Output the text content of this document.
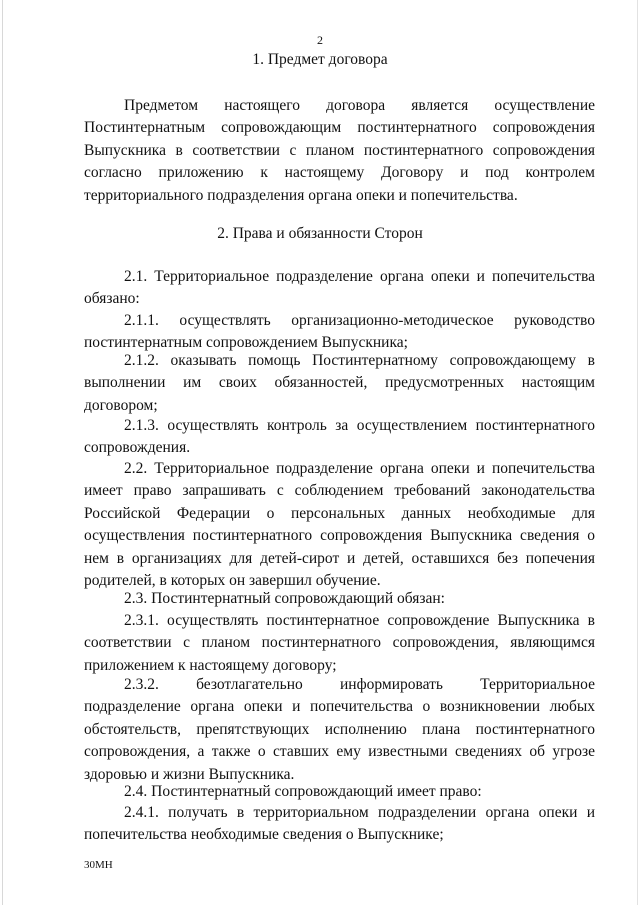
2
1. Предмет договора

Предметом настоящего договора является осуществление Постинтернатным сопровождающим постинтернатного сопровождения Выпускника в соответствии с планом постинтернатного сопровождения согласно приложению к настоящему Договору и под контролем территориального подразделения органа опеки и попечительства.

2. Права и обязанности Сторон

2.1. Территориальное подразделение органа опеки и попечительства обязано:

2.1.1. осуществлять организационно-методическое руководство постинтернатным сопровождением Выпускника;

2.1.2. оказывать помощь Постинтернатному сопровождающему в выполнении им своих обязанностей, предусмотренных настоящим договором;

2.1.3. осуществлять контроль за осуществлением постинтернатного сопровождения.

2.2. Территориальное подразделение органа опеки и попечительства имеет право запрашивать с соблюдением требований законодательства Российской Федерации о персональных данных необходимые для осуществления постинтернатного сопровождения Выпускника сведения о нем в организациях для детей-сирот и детей, оставшихся без попечения родителей, в которых он завершил обучение.

2.3. Постинтернатный сопровождающий обязан:

2.3.1. осуществлять постинтернатное сопровождение Выпускника в соответствии с планом постинтернатного сопровождения, являющимся приложением к настоящему договору;

2.3.2. безотлагательно информировать Территориальное подразделение органа опеки и попечительства о возникновении любых обстоятельств, препятствующих исполнению плана постинтернатного сопровождения, а также о ставших ему известными сведениях об угрозе здоровью и жизни Выпускника.

2.4. Постинтернатный сопровождающий имеет право:

2.4.1. получать в территориальном подразделении органа опеки и попечительства необходимые сведения о Выпускнике;

30МН
